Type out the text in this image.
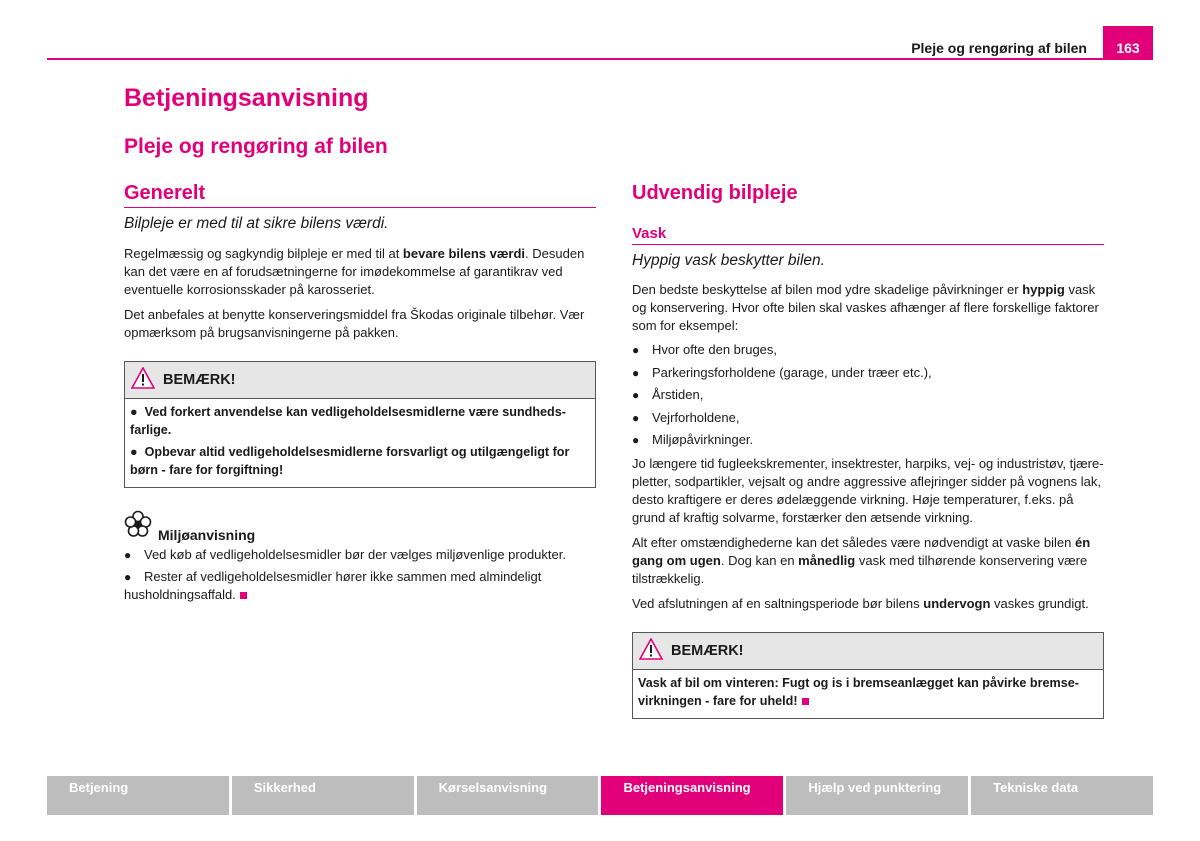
Pleje og rengøring af bilen 163
Betjeningsanvisning
Pleje og rengøring af bilen
Generelt

Bilpleje er med til at sikre bilens værdi.

Regelmæssig og sagkyndig bilpleje er med til at bevare bilens værdi. Desuden kan det være en af forudsætningerne for imødekommelse af garantikrav ved eventuelle korrosionsskader på karosseriet.

Det anbefales at benytte konserveringsmiddel fra Škodas originale tilbehør. Vær opmærksom på brugsanvisningerne på pakken.

BEMÆRK!

●  Ved forkert anvendelse kan vedligeholdelsesmidlerne være sundhedsfarlige.

●  Opbevar altid vedligeholdelsesmidlerne forsvarligt og utilgængeligt for børn - fare for forgiftning!

Miljøanvisning
● Ved køb af vedligeholdelsesmidler bør der vælges miljøvenlige produkter.
● Rester af vedligeholdelsesmidler hører ikke sammen med almindeligt husholdningsaffald.
Udvendig bilpleje
Vask

Hyppig vask beskytter bilen.

Den bedste beskyttelse af bilen mod ydre skadelige påvirkninger er hyppig vask og konservering. Hvor ofte bilen skal vaskes afhænger af flere forskellige faktorer som for eksempel:

● Hvor ofte den bruges,
● Parkeringsforholdene (garage, under træer etc.),
● Årstiden,
● Vejrforholdene,
● Miljøpåvirkninger.

Jo længere tid fugleekskrementer, insektrester, harpiks, vej- og industristøv, tjærepletter, sodpartikler, vejsalt og andre aggressive aflejringer sidder på vognens lak, desto kraftigere er deres ødelæggende virkning. Høje temperaturer, f.eks. på grund af kraftig solvarme, forstærker den ætsende virkning.

Alt efter omstændighederne kan det således være nødvendigt at vaske bilen én gang om ugen. Dog kan en månedlig vask med tilhørende konservering være tilstrækkelig.

Ved afslutningen af en saltningsperiode bør bilens undervogn vaskes grundigt.

BEMÆRK!

Vask af bil om vinteren: Fugt og is i bremseanlægget kan påvirke bremsevirkningen - fare for uheld!

Betjening	Sikkerhed	Kørselsanvisning	Betjeningsanvisning	Hjælp ved punktering	Tekniske data
